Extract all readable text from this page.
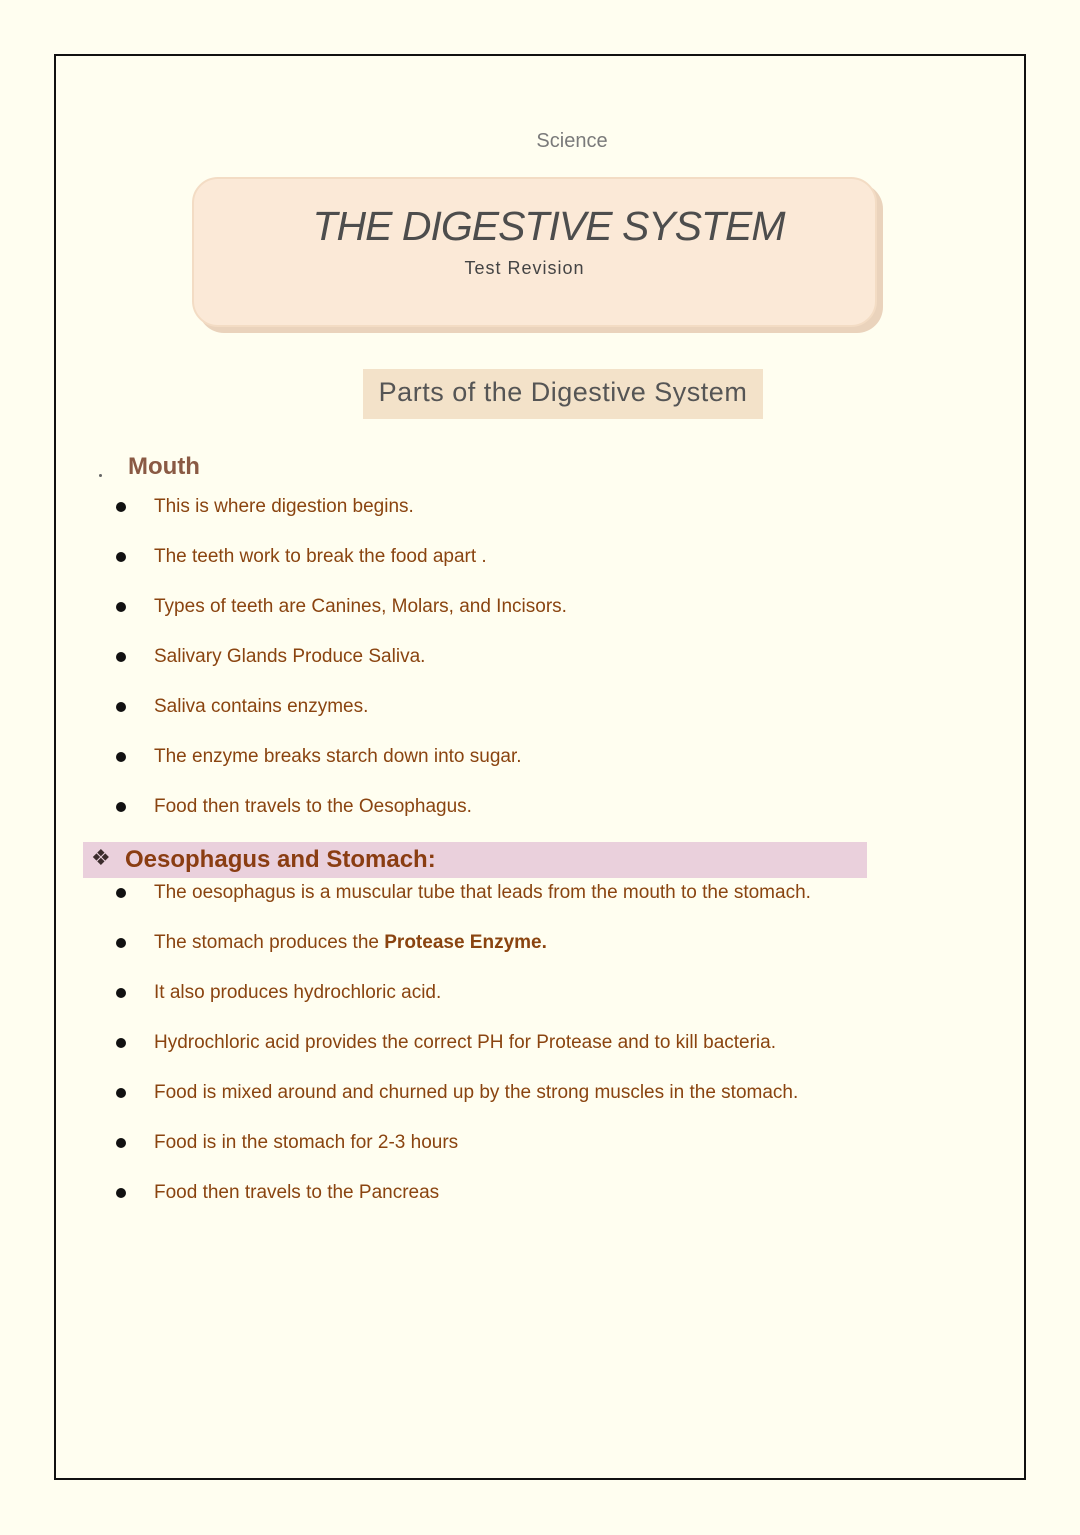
Science
THE DIGESTIVE SYSTEM
Test Revision
Parts of the Digestive System
Mouth
This is where digestion begins.
The teeth work to break the food apart .
Types of teeth are Canines, Molars, and Incisors.
Salivary Glands Produce Saliva.
Saliva contains enzymes.
The enzyme breaks starch down into sugar.
Food then travels to the Oesophagus.
❖ Oesophagus and Stomach:
The oesophagus is a muscular tube that leads from the mouth to the stomach.
The stomach produces the Protease Enzyme.
It also produces hydrochloric acid.
Hydrochloric acid provides the correct PH for Protease and to kill bacteria.
Food is mixed around and churned up by the strong muscles in the stomach.
Food is in the stomach for 2-3 hours
Food then travels to the Pancreas
